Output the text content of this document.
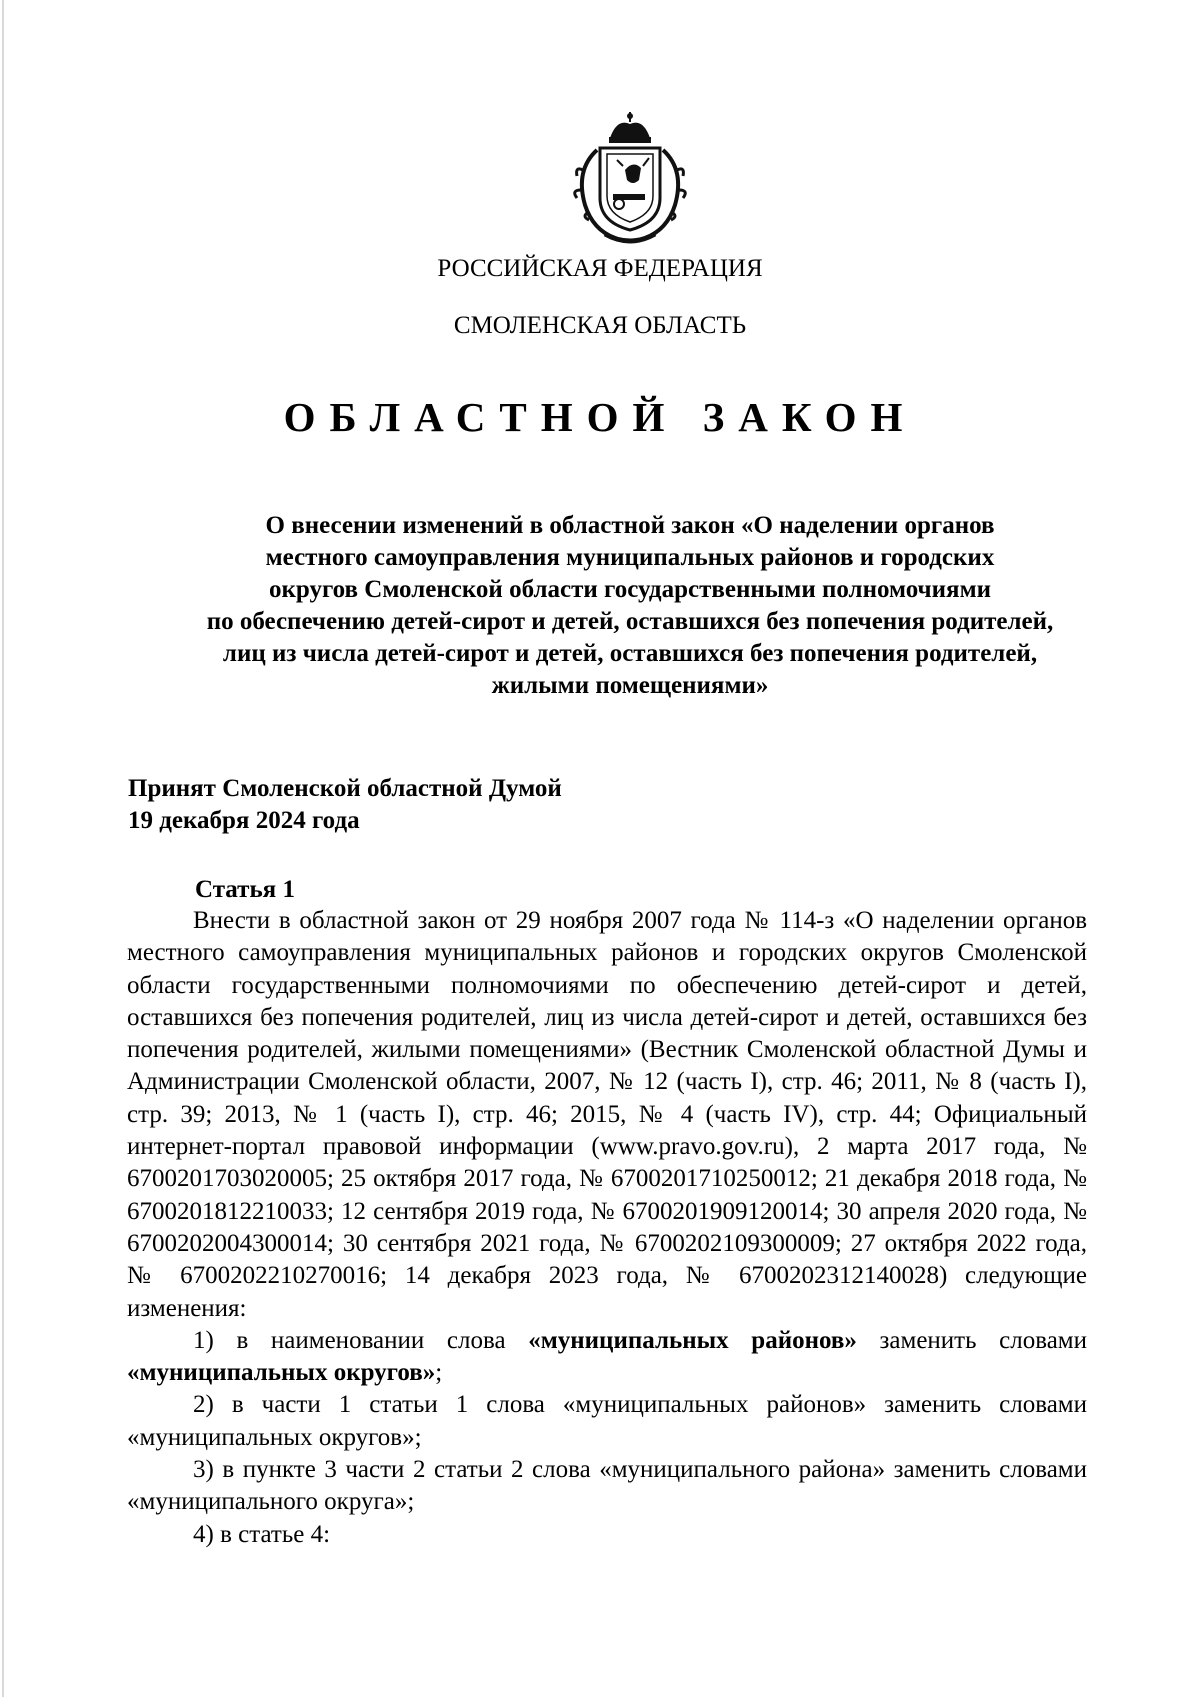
РОССИЙСКАЯ ФЕДЕРАЦИЯ
СМОЛЕНСКАЯ ОБЛАСТЬ
ОБЛАСТНОЙ ЗАКОН
О внесении изменений в областной закон «О наделении органов
местного самоуправления муниципальных районов и городских
округов Смоленской области государственными полномочиями
по обеспечению детей-сирот и детей, оставшихся без попечения родителей,
лиц из числа детей-сирот и детей, оставшихся без попечения родителей,
жилыми помещениями»
Принят Смоленской областной Думой
19 декабря 2024 года
Статья 1

Внести в областной закон от 29 ноября 2007 года № 114-з «О наделении органов местного самоуправления муниципальных районов и городских округов Смоленской области государственными полномочиями по обеспечению детей-сирот и детей, оставшихся без попечения родителей, лиц из числа детей-сирот и детей, оставшихся без попечения родителей, жилыми помещениями» (Вестник Смоленской областной Думы и Администрации Смоленской области, 2007, № 12 (часть I), стр. 46; 2011, № 8 (часть I), стр. 39; 2013, № 1 (часть I), стр. 46; 2015, № 4 (часть IV), стр. 44; Официальный интернет-портал правовой информации (www.pravo.gov.ru), 2 марта 2017 года, № 6700201703020005; 25 октября 2017 года, № 6700201710250012; 21 декабря 2018 года, № 6700201812210033; 12 сентября 2019 года, № 6700201909120014; 30 апреля 2020 года, № 6700202004300014; 30 сентября 2021 года, № 6700202109300009; 27 октября 2022 года, № 6700202210270016; 14 декабря 2023 года, № 6700202312140028) следующие изменения:

1) в наименовании слова «муниципальных районов» заменить словами «муниципальных округов»;

2) в части 1 статьи 1 слова «муниципальных районов» заменить словами «муниципальных округов»;

3) в пункте 3 части 2 статьи 2 слова «муниципального района» заменить словами «муниципального округа»;

4) в статье 4:
